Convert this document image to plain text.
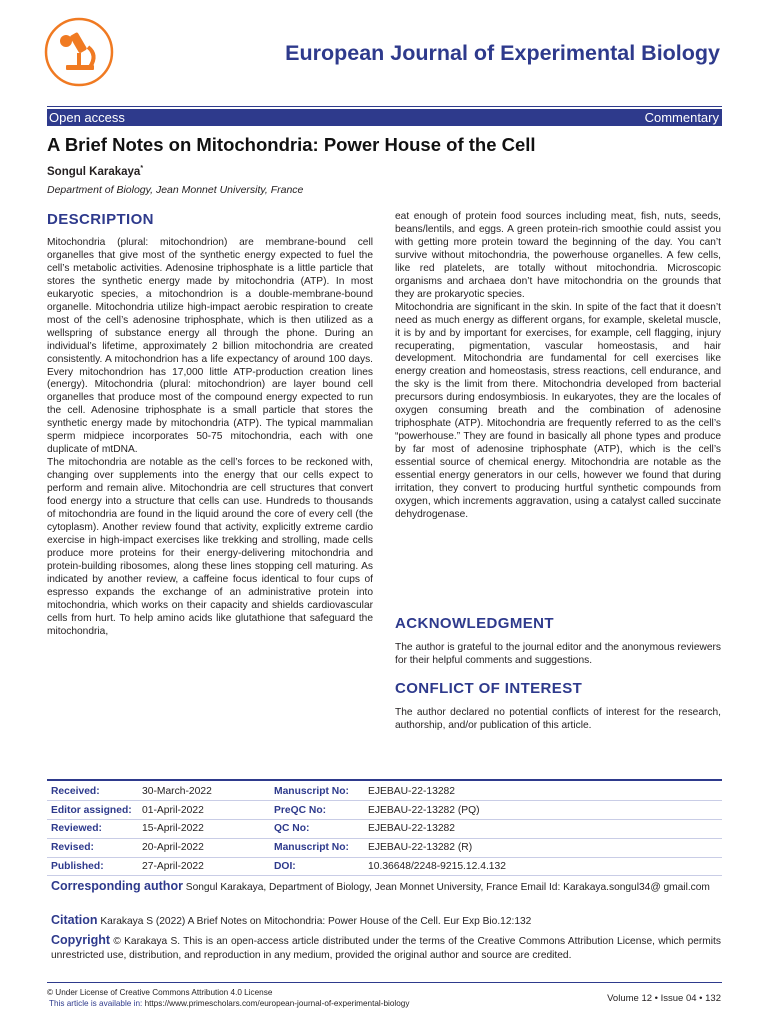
European Journal of Experimental Biology
Open access	Commentary
A Brief Notes on Mitochondria: Power House of the Cell
Songul Karakaya*
Department of Biology, Jean Monnet University, France
DESCRIPTION

Mitochondria (plural: mitochondrion) are membrane-bound cell organelles that give most of the synthetic energy expected to fuel the cell’s metabolic activities. Adenosine triphosphate is a little particle that stores the synthetic energy made by mitochondria (ATP). In most eukaryotic species, a mitochondrion is a double-membrane-bound organelle. Mitochondria utilize high-impact aerobic respiration to create most of the cell’s adenosine triphosphate, which is then utilized as a wellspring of substance energy all through the phone. During an individual’s lifetime, approximately 2 billion mitochondria are created consistently. A mitochondrion has a life expectancy of around 100 days. Every mitochondrion has 17,000 little ATP-production creation lines (energy). Mitochondria (plural: mitochondrion) are layer bound cell organelles that produce most of the compound energy expected to run the cell. Adenosine triphosphate is a small particle that stores the synthetic energy made by mitochondria (ATP). The typical mammalian sperm midpiece incorporates 50-75 mitochondria, each with one duplicate of mtDNA.

The mitochondria are notable as the cell’s forces to be reckoned with, changing over supplements into the energy that our cells expect to perform and remain alive. Mitochondria are cell structures that convert food energy into a structure that cells can use. Hundreds to thousands of mitochondria are found in the liquid around the core of every cell (the cytoplasm). Another review found that activity, explicitly extreme cardio exercise in high-impact exercises like trekking and strolling, made cells produce more proteins for their energy-delivering mitochondria and protein-building ribosomes, along these lines stopping cell maturing. As indicated by another review, a caffeine focus identical to four cups of espresso expands the exchange of an administrative protein into mitochondria, which works on their capacity and shields cardiovascular cells from hurt. To help amino acids like glutathione that safeguard the mitochondria,

eat enough of protein food sources including meat, fish, nuts, seeds, beans/lentils, and eggs. A green protein-rich smoothie could assist you with getting more protein toward the beginning of the day. You can’t survive without mitochondria, the powerhouse organelles. A few cells, like red platelets, are totally without mitochondria. Microscopic organisms and archaea don’t have mitochondria on the grounds that they are prokaryotic species.

Mitochondria are significant in the skin. In spite of the fact that it doesn’t need as much energy as different organs, for example, skeletal muscle, it is by and by important for exercises, for example, cell flagging, injury recuperating, pigmentation, vascular homeostasis, and hair development. Mitochondria are fundamental for cell exercises like energy creation and homeostasis, stress reactions, cell endurance, and the sky is the limit from there. Mitochondria developed from bacterial precursors during endosymbiosis. In eukaryotes, they are the locales of oxygen consuming breath and the combination of adenosine triphosphate (ATP). Mitochondria are frequently referred to as the cell’s “powerhouse.” They are found in basically all phone types and produce by far most of adenosine triphosphate (ATP), which is the cell’s essential source of chemical energy. Mitochondria are notable as the essential energy generators in our cells, however we found that during irritation, they convert to producing hurtful synthetic compounds from oxygen, which increments aggravation, using a catalyst called succinate dehydrogenase.

ACKNOWLEDGMENT
The author is grateful to the journal editor and the anonymous reviewers for their helpful comments and suggestions.
CONFLICT OF INTEREST
The author declared no potential conflicts of interest for the research, authorship, and/or publication of this article.
Received:	30-March-2022	Manuscript No:	EJEBAU-22-13282
Editor assigned:	01-April-2022	PreQC No:	EJEBAU-22-13282 (PQ)
Reviewed:	15-April-2022	QC No:	EJEBAU-22-13282
Revised:	20-April-2022	Manuscript No:	EJEBAU-22-13282 (R)
Published:	27-April-2022	DOI:	10.36648/2248-9215.12.4.132
Corresponding author Songul Karakaya, Department of Biology, Jean Monnet University, France Email Id: Karakaya.songul34@ gmail.com
Citation Karakaya S (2022) A Brief Notes on Mitochondria: Power House of the Cell. Eur Exp Bio.12:132
Copyright © Karakaya S. This is an open-access article distributed under the terms of the Creative Commons Attribution License, which permits unrestricted use, distribution, and reproduction in any medium, provided the original author and source are credited.
© Under License of Creative Commons Attribution 4.0 License
This article is available in: https://www.primescholars.com/european-journal-of-experimental-biology	Volume 12 • Issue 04 • 132
